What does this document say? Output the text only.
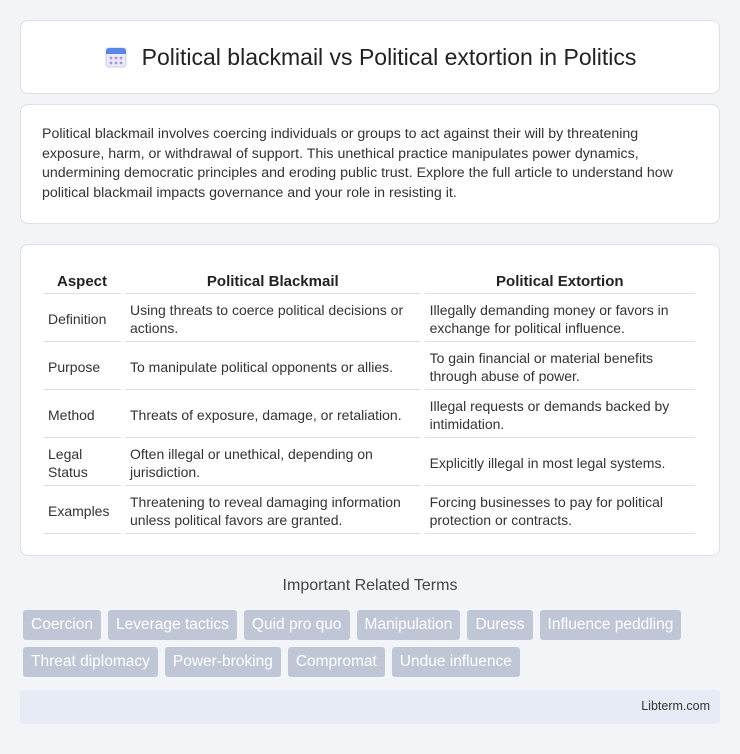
Political blackmail vs Political extortion in Politics

Political blackmail involves coercing individuals or groups to act against their will by threatening exposure, harm, or withdrawal of support. This unethical practice manipulates power dynamics, undermining democratic principles and eroding public trust. Explore the full article to understand how political blackmail impacts governance and your role in resisting it.

Aspect	Political Blackmail	Political Extortion
Definition	Using threats to coerce political decisions or actions.	Illegally demanding money or favors in exchange for political influence.
Purpose	To manipulate political opponents or allies.	To gain financial or material benefits through abuse of power.
Method	Threats of exposure, damage, or retaliation.	Illegal requests or demands backed by intimidation.
Legal Status	Often illegal or unethical, depending on jurisdiction.	Explicitly illegal in most legal systems.
Examples	Threatening to reveal damaging information unless political favors are granted.	Forcing businesses to pay for political protection or contracts.
Important Related Terms
Coercion	Leverage tactics	Quid pro quo	Manipulation	Duress	Influence peddling
Threat diplomacy	Power-broking	Compromat	Undue influence
Libterm.com
